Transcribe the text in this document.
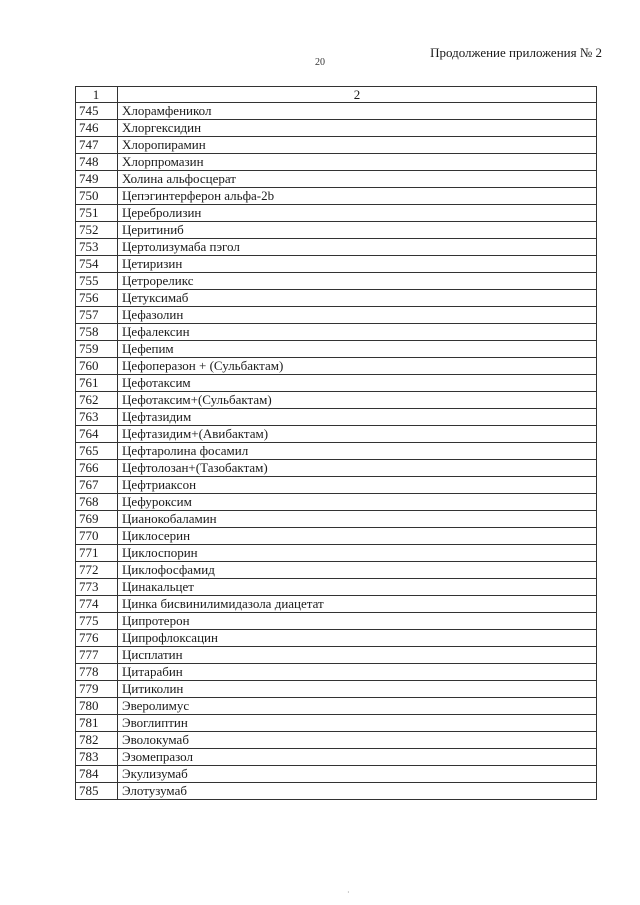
Продолжение приложения № 2
20
1	2
745	Хлорамфеникол
746	Хлоргексидин
747	Хлоропирамин
748	Хлорпромазин
749	Холина альфосцерат
750	Цепэгинтерферон альфа-2b
751	Церебролизин
752	Церитиниб
753	Цертолизумаба пэгол
754	Цетиризин
755	Цетрореликс
756	Цетуксимаб
757	Цефазолин
758	Цефалексин
759	Цефепим
760	Цефоперазон + (Сульбактам)
761	Цефотаксим
762	Цефотаксим+(Сульбактам)
763	Цефтазидим
764	Цефтазидим+(Авибактам)
765	Цефтаролина фосамил
766	Цефтолозан+(Тазобактам)
767	Цефтриаксон
768	Цефуроксим
769	Цианокобаламин
770	Циклосерин
771	Циклоспорин
772	Циклофосфамид
773	Цинакальцет
774	Цинка бисвинилимидазола диацетат
775	Ципротерон
776	Ципрофлоксацин
777	Цисплатин
778	Цитарабин
779	Цитиколин
780	Эверолимус
781	Эвоглиптин
782	Эволокумаб
783	Эзомепразол
784	Экулизумаб
785	Элотузумаб
·
